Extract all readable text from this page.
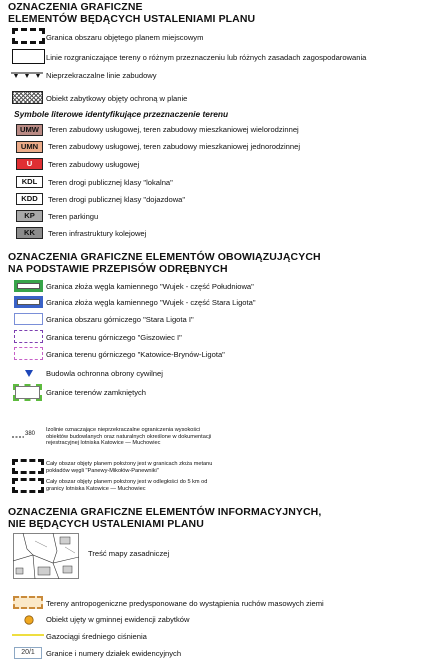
OZNACZENIA GRAFICZNE
ELEMENTÓW BĘDĄCYCH USTALENIAMI PLANU
Granica obszaru objętego planem miejscowym
Linie rozgraniczające tereny o różnym przeznaczeniu lub różnych zasadach zagospodarowania
Nieprzekraczalne linie zabudowy
Obiekt zabytkowy objęty ochroną w planie
Symbole literowe identyfikujące przeznaczenie terenu
UMW	Teren zabudowy usługowej, teren zabudowy mieszkaniowej wielorodzinnej
UMN	Teren zabudowy usługowej, teren zabudowy mieszkaniowej jednorodzinnej
U	Teren zabudowy usługowej
KDL	Teren drogi publicznej klasy "lokalna"
KDD	Teren drogi publicznej klasy "dojazdowa"
KP	Teren parkingu
KK	Teren infrastruktury kolejowej
OZNACZENIA GRAFICZNE ELEMENTÓW OBOWIĄZUJĄCYCH
NA PODSTAWIE PRZEPISÓW ODRĘBNYCH
Granica złoża węgla kamiennego "Wujek - część Południowa"
Granica złoża węgla kamiennego "Wujek - część Stara Ligota"
Granica obszaru górniczego "Stara Ligota I"
Granica terenu górniczego "Giszowiec I"
Granica terenu górniczego "Katowice-Brynów-Ligota"
Budowla ochronna obrony cywilnej
Granice terenów zamkniętych
380
Izolinie oznaczające nieprzekraczalne ograniczenia wysokości
obiektów budowlanych oraz naturalnych określone w dokumentacji
rejestracyjnej lotniska Katowice — Muchowiec
Cały obszar objęty planem położony jest w granicach złoża metanu
pokładów węgli "Panewy-Mikołów-Panewniki"
Cały obszar objęty planem położony jest w odległości do 5 km od
granicy lotniska Katowice — Muchowiec
OZNACZENIA GRAFICZNE ELEMENTÓW INFORMACYJNYCH,
NIE BĘDĄCYCH USTALENIAMI PLANU
Treść mapy zasadniczej
Tereny antropogeniczne predysponowane do wystąpienia ruchów masowych ziemi
Obiekt ujęty w gminnej ewidencji zabytków
Gazociągi średniego ciśnienia
20/1	Granice i numery działek ewidencyjnych
